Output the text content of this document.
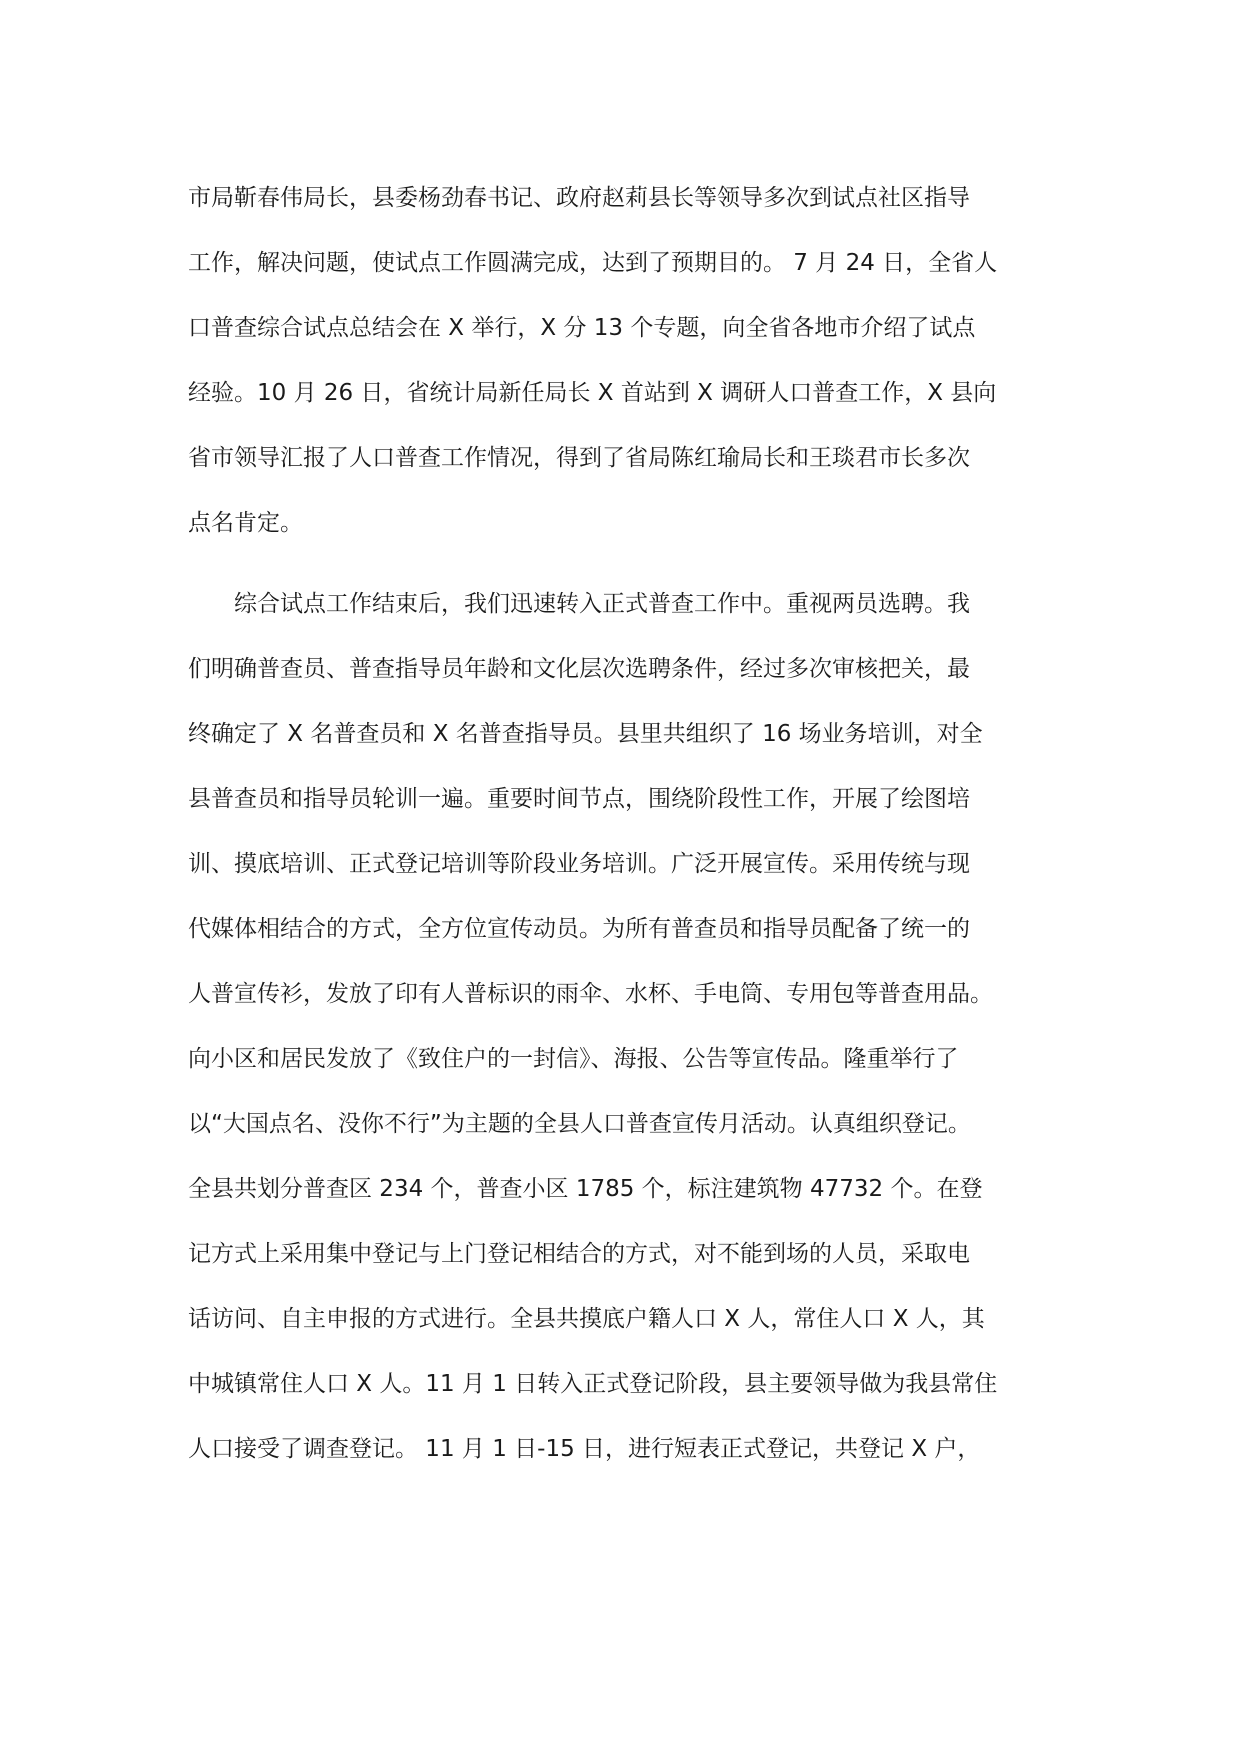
市局靳春伟局长，县委杨劲春书记、政府赵莉县长等领导多次到试点社区指导
工作，解决问题，使试点工作圆满完成，达到了预期目的。 7 月 24 日，全省人
口普查综合试点总结会在 X 举行，X 分 13 个专题，向全省各地市介绍了试点
经验。10 月 26 日，省统计局新任局长 X 首站到 X 调研人口普查工作，X 县向
省市领导汇报了人口普查工作情况，得到了省局陈红瑜局长和王琰君市长多次
点名肯定。

　　综合试点工作结束后，我们迅速转入正式普查工作中。重视两员选聘。我
们明确普查员、普查指导员年龄和文化层次选聘条件，经过多次审核把关，最
终确定了 X 名普查员和 X 名普查指导员。县里共组织了 16 场业务培训，对全
县普查员和指导员轮训一遍。重要时间节点，围绕阶段性工作，开展了绘图培
训、摸底培训、正式登记培训等阶段业务培训。广泛开展宣传。采用传统与现
代媒体相结合的方式，全方位宣传动员。为所有普查员和指导员配备了统一的
人普宣传衫，发放了印有人普标识的雨伞、水杯、手电筒、专用包等普查用品。
向小区和居民发放了《致住户的一封信》、海报、公告等宣传品。隆重举行了
以“大国点名、没你不行”为主题的全县人口普查宣传月活动。认真组织登记。
全县共划分普查区 234 个，普查小区 1785 个，标注建筑物 47732 个。在登
记方式上采用集中登记与上门登记相结合的方式，对不能到场的人员，采取电
话访问、自主申报的方式进行。全县共摸底户籍人口 X 人，常住人口 X 人，其
中城镇常住人口 X 人。11 月 1 日转入正式登记阶段，县主要领导做为我县常住
人口接受了调查登记。 11 月 1 日-15 日，进行短表正式登记，共登记 X 户，
